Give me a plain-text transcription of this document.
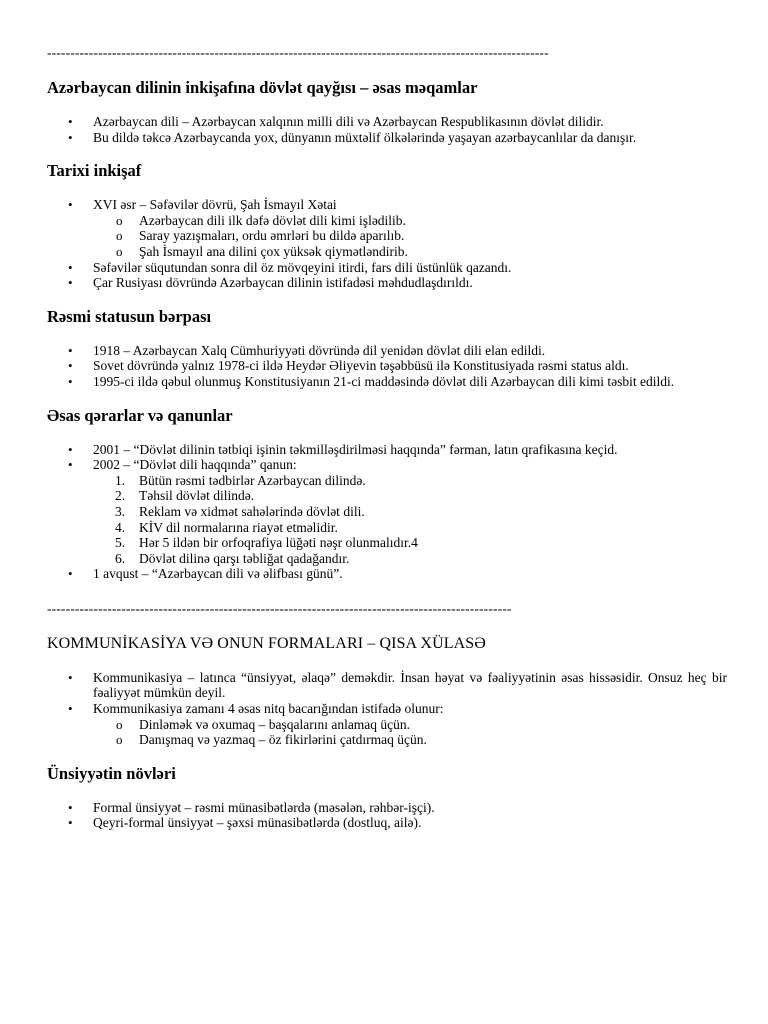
------------------------------------------------------------------------------------------------------------
Azərbaycan dilinin inkişafına dövlət qayğısı – əsas məqamlar
• Azərbaycan dili – Azərbaycan xalqının milli dili və Azərbaycan Respublikasının dövlət dilidir.
• Bu dildə təkcə Azərbaycanda yox, dünyanın müxtəlif ölkələrində yaşayan azərbaycanlılar da danışır.
Tarixi inkişaf
• XVI əsr – Səfəvilər dövrü, Şah İsmayıl Xətai
o Azərbaycan dili ilk dəfə dövlət dili kimi işlədilib.
o Saray yazışmaları, ordu əmrləri bu dildə aparılıb.
o Şah İsmayıl ana dilini çox yüksək qiymətləndirib.
• Səfəvilər süqutundan sonra dil öz mövqeyini itirdi, fars dili üstünlük qazandı.
• Çar Rusiyası dövründə Azərbaycan dilinin istifadəsi məhdudlaşdırıldı.
Rəsmi statusun bərpası
• 1918 – Azərbaycan Xalq Cümhuriyyəti dövründə dil yenidən dövlət dili elan edildi.
• Sovet dövründə yalnız 1978-ci ildə Heydər Əliyevin təşəbbüsü ilə Konstitusiyada rəsmi status aldı.
• 1995-ci ildə qəbul olunmuş Konstitusiyanın 21-ci maddəsində dövlət dili Azərbaycan dili kimi təsbit edildi.
Əsas qərarlar və qanunlar
• 2001 – “Dövlət dilinin tətbiqi işinin təkmilləşdirilməsi haqqında” fərman, latın qrafikasına keçid.
• 2002 – “Dövlət dili haqqında” qanun:
1. Bütün rəsmi tədbirlər Azərbaycan dilində.
2. Təhsil dövlət dilində.
3. Reklam və xidmət sahələrində dövlət dili.
4. KİV dil normalarına riayət etməlidir.
5. Hər 5 ildən bir orfoqrafiya lüğəti nəşr olunmalıdır.4
6. Dövlət dilinə qarşı təbliğat qadağandır.
• 1 avqust – “Azərbaycan dili və əlifbası günü”.
----------------------------------------------------------------------------------------------------
KOMMUNİKASİYA VƏ ONUN FORMALARI – QISA XÜLASƏ
• Kommunikasiya – latınca “ünsiyyət, əlaqə” deməkdir. İnsan həyat və fəaliyyətinin əsas hissəsidir. Onsuz heç bir fəaliyyət mümkün deyil.
• Kommunikasiya zamanı 4 əsas nitq bacarığından istifadə olunur:
o Dinləmək və oxumaq – başqalarını anlamaq üçün.
o Danışmaq və yazmaq – öz fikirlərini çatdırmaq üçün.
Ünsiyyətin növləri
• Formal ünsiyyət – rəsmi münasibətlərdə (məsələn, rəhbər-işçi).
• Qeyri-formal ünsiyyət – şəxsi münasibətlərdə (dostluq, ailə).
